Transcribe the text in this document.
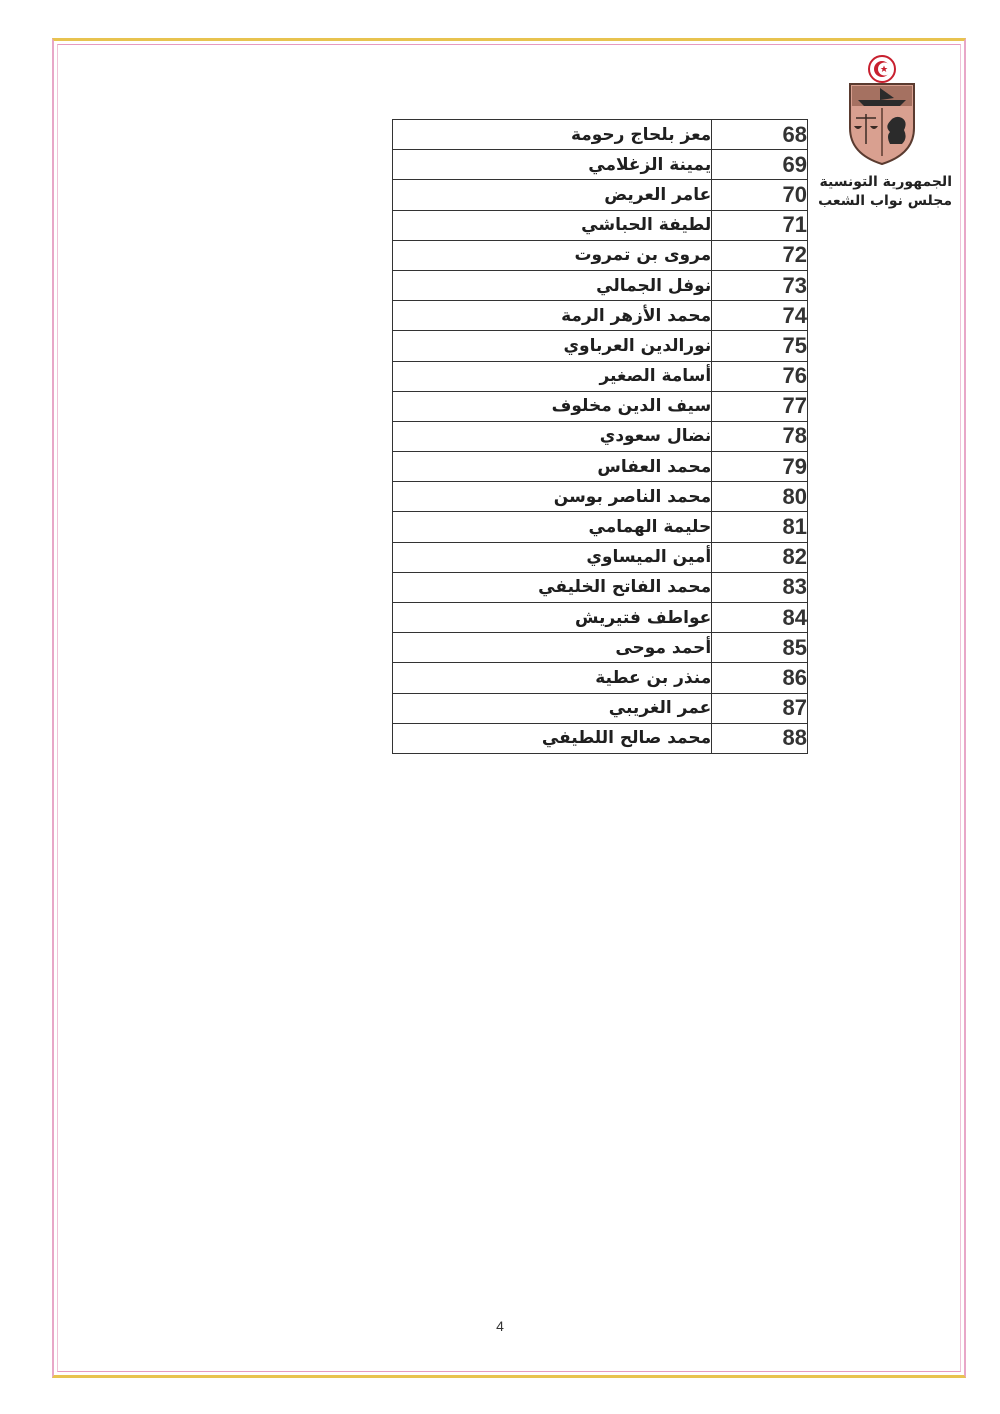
الجمهورية التونسية
مجلس نواب الشعب
معز بلحاج رحومة	68
يمينة الزغلامي	69
عامر العريض	70
لطيفة الحباشي	71
مروى بن تمروت	72
نوفل الجمالي	73
محمد الأزهر الرمة	74
نورالدين العرباوي	75
أسامة الصغير	76
سيف الدين مخلوف	77
نضال سعودي	78
محمد العفاس	79
محمد الناصر بوسن	80
حليمة الهمامي	81
أمين الميساوي	82
محمد الفاتح الخليفي	83
عواطف فتيريش	84
أحمد موحى	85
منذر بن عطية	86
عمر الغريبي	87
محمد صالح اللطيفي	88
4
